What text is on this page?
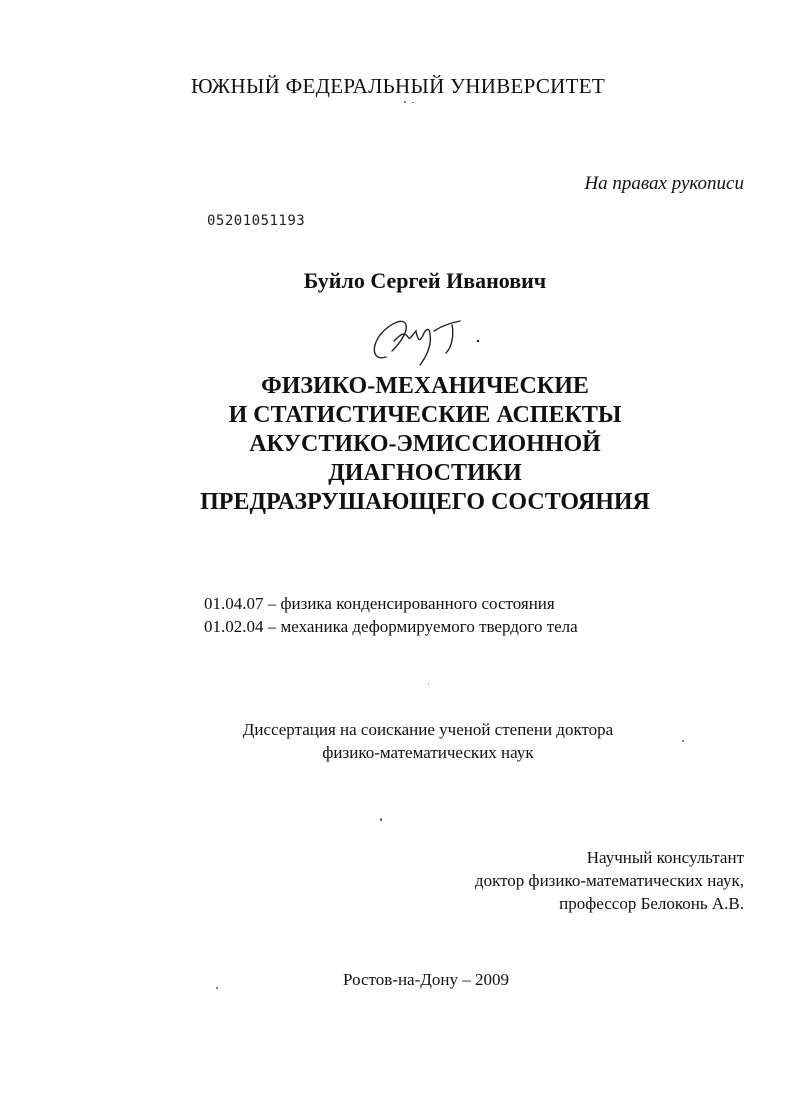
ЮЖНЫЙ ФЕДЕРАЛЬНЫЙ УНИВЕРСИТЕТ
На правах рукописи
05201051193
Буйло Сергей Иванович
ФИЗИКО-МЕХАНИЧЕСКИЕ
И СТАТИСТИЧЕСКИЕ АСПЕКТЫ
АКУСТИКО-ЭМИССИОННОЙ
ДИАГНОСТИКИ
ПРЕДРАЗРУШАЮЩЕГО СОСТОЯНИЯ
01.04.07 – физика конденсированного состояния
01.02.04 – механика деформируемого твердого тела
Диссертация на соискание ученой степени доктора
физико-математических наук
Научный консультант
доктор физико-математических наук,
профессор Белоконь А.В.
Ростов-на-Дону – 2009
